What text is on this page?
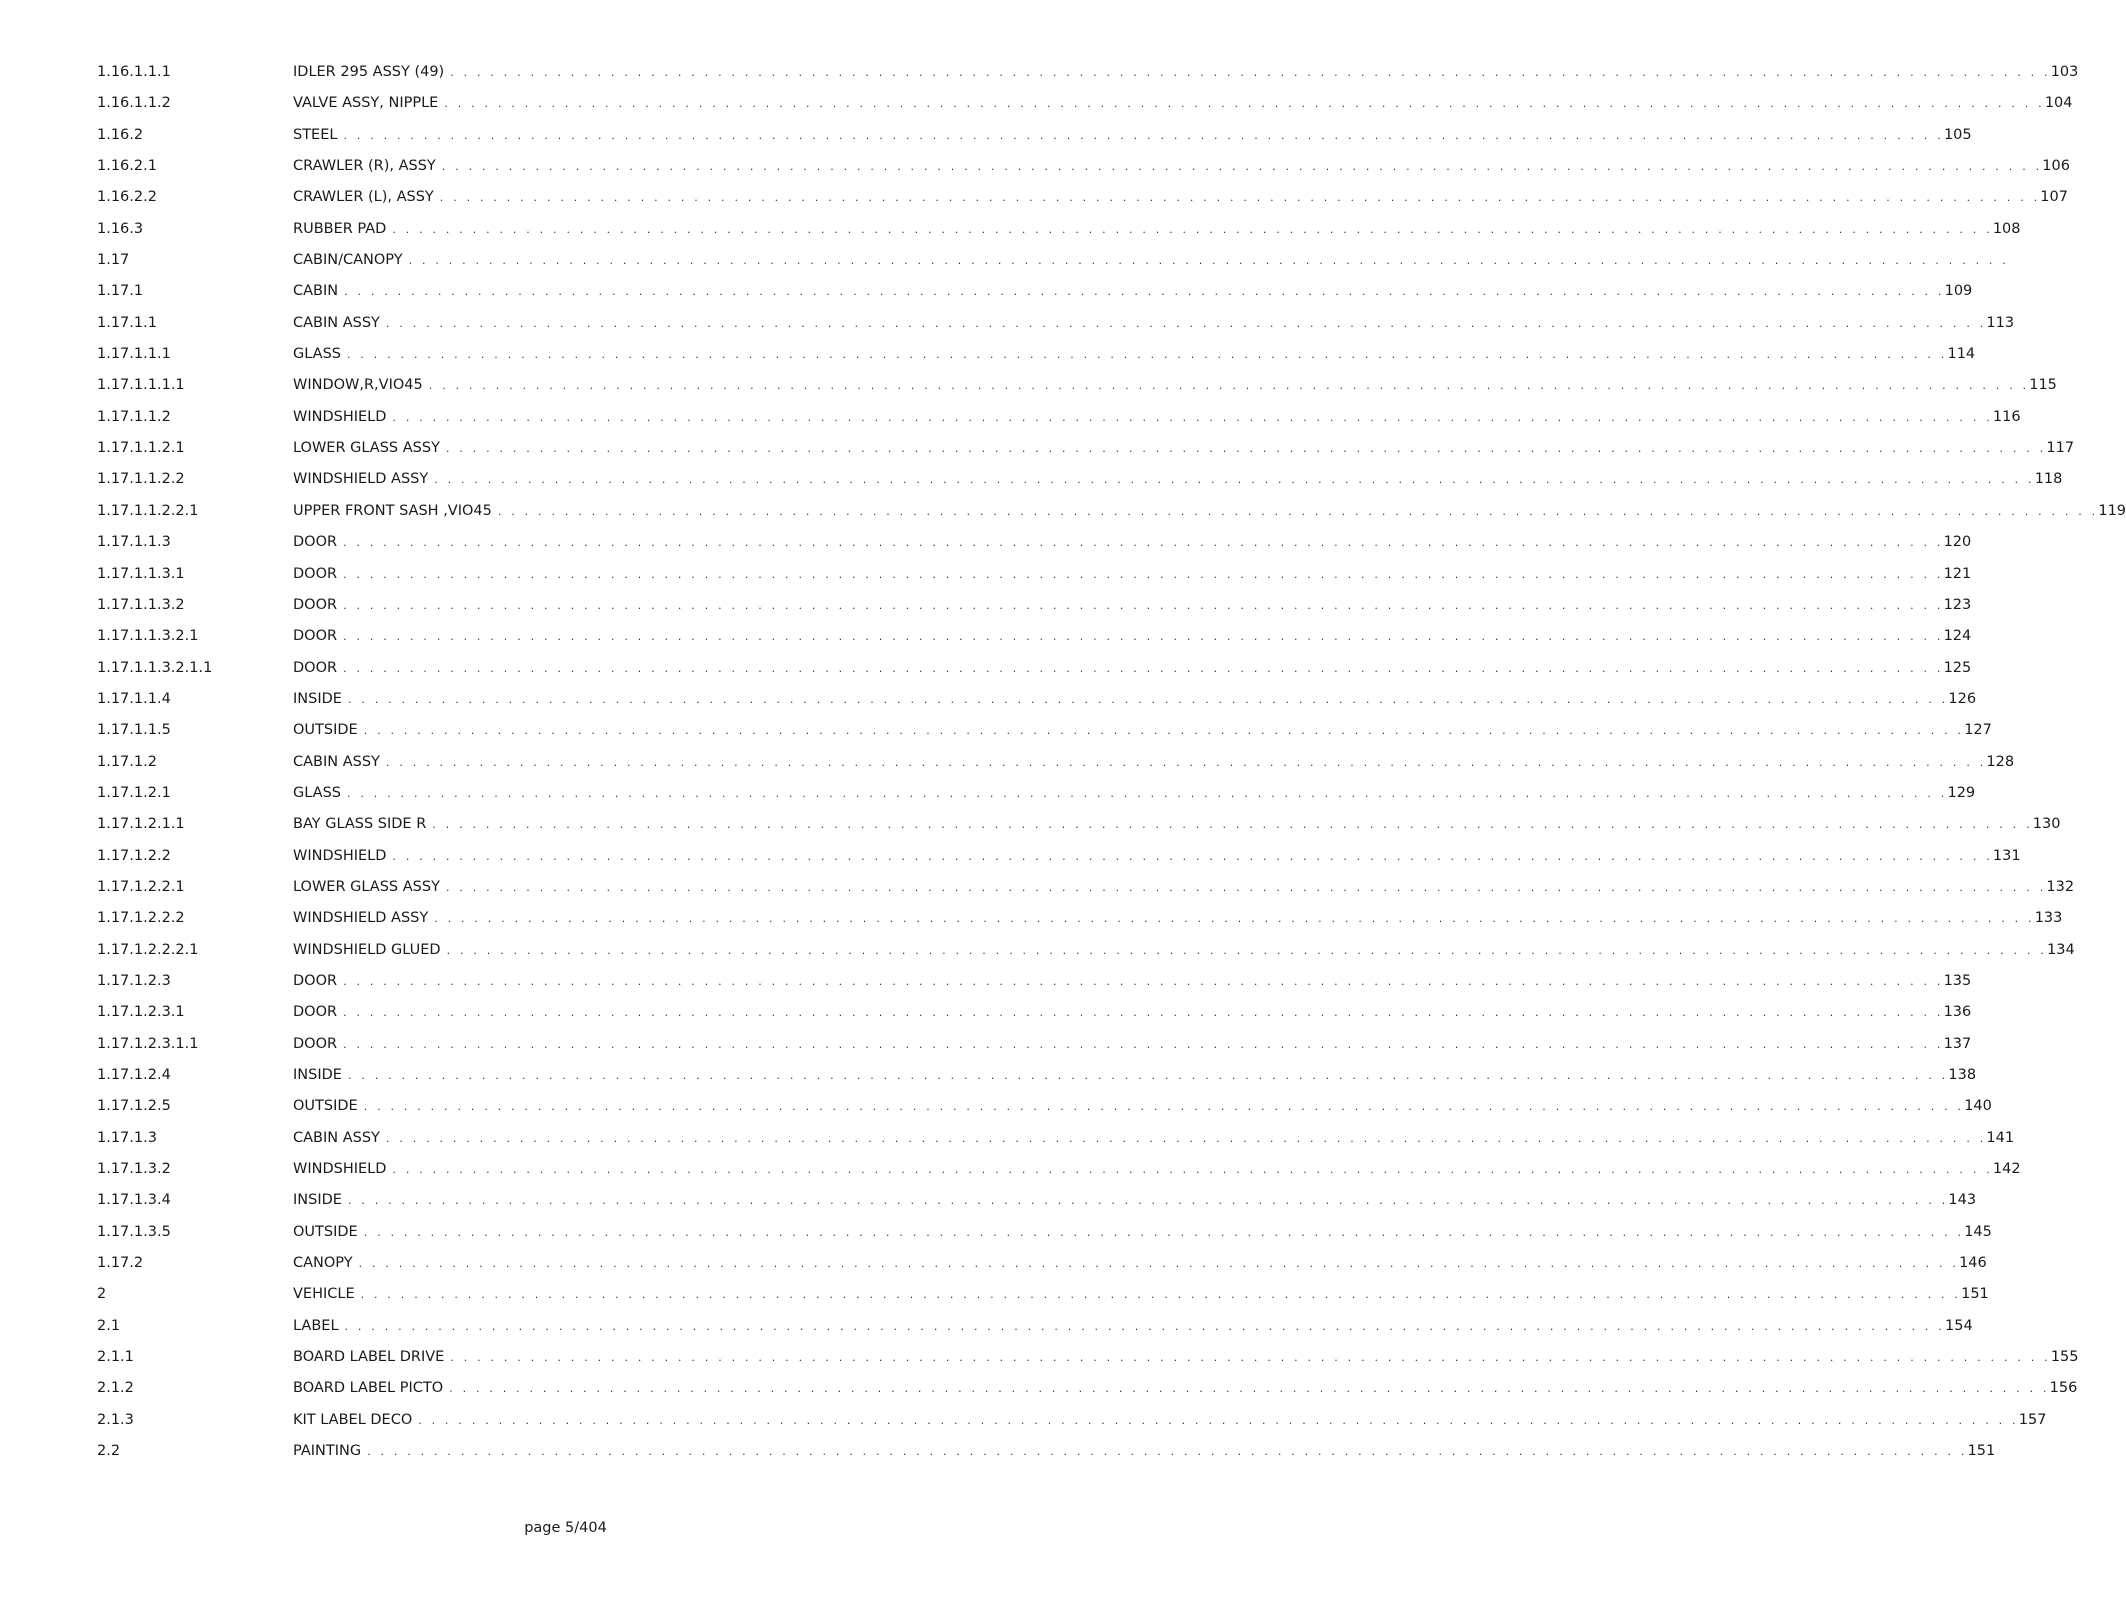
1.16.1.1.1	IDLER 295 ASSY (49) . . . . . . . . . . . . . . . . . . . . . . . . . . . . . . . . . . . . . . . . . . . . . . . . . . . . . . . . . . . . . . . . . . . . . . . . . . . . . . . . . . . . . . . . . . . . . . . . . . . . . . . . . . . . . . . . . . . . . . . . 103
1.16.1.1.2	VALVE ASSY, NIPPLE . . . . . . . . . . . . . . . . . . . . . . . . . . . . . . . . . . . . . . . . . . . . . . . . . . . . . . . . . . . . . . . . . . . . . . . . . . . . . . . . . . . . . . . . . . . . . . . . . . . . . . . . . . . . . . . . . . . . . . . . 104
1.16.2	STEEL . . . . . . . . . . . . . . . . . . . . . . . . . . . . . . . . . . . . . . . . . . . . . . . . . . . . . . . . . . . . . . . . . . . . . . . . . . . . . . . . . . . . . . . . . . . . . . . . . . . . . . . . . . . . . . . . . . . . . . . . 105
1.16.2.1	CRAWLER (R), ASSY . . . . . . . . . . . . . . . . . . . . . . . . . . . . . . . . . . . . . . . . . . . . . . . . . . . . . . . . . . . . . . . . . . . . . . . . . . . . . . . . . . . . . . . . . . . . . . . . . . . . . . . . . . . . . . . . . . . . . . . . 106
1.16.2.2	CRAWLER (L), ASSY . . . . . . . . . . . . . . . . . . . . . . . . . . . . . . . . . . . . . . . . . . . . . . . . . . . . . . . . . . . . . . . . . . . . . . . . . . . . . . . . . . . . . . . . . . . . . . . . . . . . . . . . . . . . . . . . . . . . . . . . 107
1.16.3	RUBBER PAD . . . . . . . . . . . . . . . . . . . . . . . . . . . . . . . . . . . . . . . . . . . . . . . . . . . . . . . . . . . . . . . . . . . . . . . . . . . . . . . . . . . . . . . . . . . . . . . . . . . . . . . . . . . . . . . . . . . . . . . . 108
1.17	CABIN/CANOPY . . . . . . . . . . . . . . . . . . . . . . . . . . . . . . . . . . . . . . . . . . . . . . . . . . . . . . . . . . . . . . . . . . . . . . . . . . . . . . . . . . . . . . . . . . . . . . . . . . . . . . . . . . . . . . . . . . . . . . . .
1.17.1	CABIN . . . . . . . . . . . . . . . . . . . . . . . . . . . . . . . . . . . . . . . . . . . . . . . . . . . . . . . . . . . . . . . . . . . . . . . . . . . . . . . . . . . . . . . . . . . . . . . . . . . . . . . . . . . . . . . . . . . . . . . . 109
1.17.1.1	CABIN ASSY . . . . . . . . . . . . . . . . . . . . . . . . . . . . . . . . . . . . . . . . . . . . . . . . . . . . . . . . . . . . . . . . . . . . . . . . . . . . . . . . . . . . . . . . . . . . . . . . . . . . . . . . . . . . . . . . . . . . . . . . 113
1.17.1.1.1	GLASS . . . . . . . . . . . . . . . . . . . . . . . . . . . . . . . . . . . . . . . . . . . . . . . . . . . . . . . . . . . . . . . . . . . . . . . . . . . . . . . . . . . . . . . . . . . . . . . . . . . . . . . . . . . . . . . . . . . . . . . . 114
1.17.1.1.1.1	WINDOW,R,VIO45 . . . . . . . . . . . . . . . . . . . . . . . . . . . . . . . . . . . . . . . . . . . . . . . . . . . . . . . . . . . . . . . . . . . . . . . . . . . . . . . . . . . . . . . . . . . . . . . . . . . . . . . . . . . . . . . . . . . . . . . . 115
1.17.1.1.2	WINDSHIELD . . . . . . . . . . . . . . . . . . . . . . . . . . . . . . . . . . . . . . . . . . . . . . . . . . . . . . . . . . . . . . . . . . . . . . . . . . . . . . . . . . . . . . . . . . . . . . . . . . . . . . . . . . . . . . . . . . . . . . . . 116
1.17.1.1.2.1	LOWER GLASS ASSY . . . . . . . . . . . . . . . . . . . . . . . . . . . . . . . . . . . . . . . . . . . . . . . . . . . . . . . . . . . . . . . . . . . . . . . . . . . . . . . . . . . . . . . . . . . . . . . . . . . . . . . . . . . . . . . . . . . . . . . . 117
1.17.1.1.2.2	WINDSHIELD ASSY . . . . . . . . . . . . . . . . . . . . . . . . . . . . . . . . . . . . . . . . . . . . . . . . . . . . . . . . . . . . . . . . . . . . . . . . . . . . . . . . . . . . . . . . . . . . . . . . . . . . . . . . . . . . . . . . . . . . . . . . 118
1.17.1.1.2.2.1	UPPER FRONT SASH ,VIO45 . . . . . . . . . . . . . . . . . . . . . . . . . . . . . . . . . . . . . . . . . . . . . . . . . . . . . . . . . . . . . . . . . . . . . . . . . . . . . . . . . . . . . . . . . . . . . . . . . . . . . . . . . . . . . . . . . . . . . . . . 119
1.17.1.1.3	DOOR . . . . . . . . . . . . . . . . . . . . . . . . . . . . . . . . . . . . . . . . . . . . . . . . . . . . . . . . . . . . . . . . . . . . . . . . . . . . . . . . . . . . . . . . . . . . . . . . . . . . . . . . . . . . . . . . . . . . . . . . 120
1.17.1.1.3.1	DOOR . . . . . . . . . . . . . . . . . . . . . . . . . . . . . . . . . . . . . . . . . . . . . . . . . . . . . . . . . . . . . . . . . . . . . . . . . . . . . . . . . . . . . . . . . . . . . . . . . . . . . . . . . . . . . . . . . . . . . . . . 121
1.17.1.1.3.2	DOOR . . . . . . . . . . . . . . . . . . . . . . . . . . . . . . . . . . . . . . . . . . . . . . . . . . . . . . . . . . . . . . . . . . . . . . . . . . . . . . . . . . . . . . . . . . . . . . . . . . . . . . . . . . . . . . . . . . . . . . . . 123
1.17.1.1.3.2.1	DOOR . . . . . . . . . . . . . . . . . . . . . . . . . . . . . . . . . . . . . . . . . . . . . . . . . . . . . . . . . . . . . . . . . . . . . . . . . . . . . . . . . . . . . . . . . . . . . . . . . . . . . . . . . . . . . . . . . . . . . . . . 124
1.17.1.1.3.2.1.1	DOOR . . . . . . . . . . . . . . . . . . . . . . . . . . . . . . . . . . . . . . . . . . . . . . . . . . . . . . . . . . . . . . . . . . . . . . . . . . . . . . . . . . . . . . . . . . . . . . . . . . . . . . . . . . . . . . . . . . . . . . . . 125
1.17.1.1.4	INSIDE . . . . . . . . . . . . . . . . . . . . . . . . . . . . . . . . . . . . . . . . . . . . . . . . . . . . . . . . . . . . . . . . . . . . . . . . . . . . . . . . . . . . . . . . . . . . . . . . . . . . . . . . . . . . . . . . . . . . . . . . 126
1.17.1.1.5	OUTSIDE . . . . . . . . . . . . . . . . . . . . . . . . . . . . . . . . . . . . . . . . . . . . . . . . . . . . . . . . . . . . . . . . . . . . . . . . . . . . . . . . . . . . . . . . . . . . . . . . . . . . . . . . . . . . . . . . . . . . . . . . 127
1.17.1.2	CABIN ASSY . . . . . . . . . . . . . . . . . . . . . . . . . . . . . . . . . . . . . . . . . . . . . . . . . . . . . . . . . . . . . . . . . . . . . . . . . . . . . . . . . . . . . . . . . . . . . . . . . . . . . . . . . . . . . . . . . . . . . . . . 128
1.17.1.2.1	GLASS . . . . . . . . . . . . . . . . . . . . . . . . . . . . . . . . . . . . . . . . . . . . . . . . . . . . . . . . . . . . . . . . . . . . . . . . . . . . . . . . . . . . . . . . . . . . . . . . . . . . . . . . . . . . . . . . . . . . . . . . 129
1.17.1.2.1.1	BAY GLASS SIDE R . . . . . . . . . . . . . . . . . . . . . . . . . . . . . . . . . . . . . . . . . . . . . . . . . . . . . . . . . . . . . . . . . . . . . . . . . . . . . . . . . . . . . . . . . . . . . . . . . . . . . . . . . . . . . . . . . . . . . . . . 130
1.17.1.2.2	WINDSHIELD . . . . . . . . . . . . . . . . . . . . . . . . . . . . . . . . . . . . . . . . . . . . . . . . . . . . . . . . . . . . . . . . . . . . . . . . . . . . . . . . . . . . . . . . . . . . . . . . . . . . . . . . . . . . . . . . . . . . . . . . 131
1.17.1.2.2.1	LOWER GLASS ASSY . . . . . . . . . . . . . . . . . . . . . . . . . . . . . . . . . . . . . . . . . . . . . . . . . . . . . . . . . . . . . . . . . . . . . . . . . . . . . . . . . . . . . . . . . . . . . . . . . . . . . . . . . . . . . . . . . . . . . . . . 132
1.17.1.2.2.2	WINDSHIELD ASSY . . . . . . . . . . . . . . . . . . . . . . . . . . . . . . . . . . . . . . . . . . . . . . . . . . . . . . . . . . . . . . . . . . . . . . . . . . . . . . . . . . . . . . . . . . . . . . . . . . . . . . . . . . . . . . . . . . . . . . . . 133
1.17.1.2.2.2.1	WINDSHIELD GLUED . . . . . . . . . . . . . . . . . . . . . . . . . . . . . . . . . . . . . . . . . . . . . . . . . . . . . . . . . . . . . . . . . . . . . . . . . . . . . . . . . . . . . . . . . . . . . . . . . . . . . . . . . . . . . . . . . . . . . . . . 134
1.17.1.2.3	DOOR . . . . . . . . . . . . . . . . . . . . . . . . . . . . . . . . . . . . . . . . . . . . . . . . . . . . . . . . . . . . . . . . . . . . . . . . . . . . . . . . . . . . . . . . . . . . . . . . . . . . . . . . . . . . . . . . . . . . . . . . 135
1.17.1.2.3.1	DOOR . . . . . . . . . . . . . . . . . . . . . . . . . . . . . . . . . . . . . . . . . . . . . . . . . . . . . . . . . . . . . . . . . . . . . . . . . . . . . . . . . . . . . . . . . . . . . . . . . . . . . . . . . . . . . . . . . . . . . . . . 136
1.17.1.2.3.1.1	DOOR . . . . . . . . . . . . . . . . . . . . . . . . . . . . . . . . . . . . . . . . . . . . . . . . . . . . . . . . . . . . . . . . . . . . . . . . . . . . . . . . . . . . . . . . . . . . . . . . . . . . . . . . . . . . . . . . . . . . . . . . 137
1.17.1.2.4	INSIDE . . . . . . . . . . . . . . . . . . . . . . . . . . . . . . . . . . . . . . . . . . . . . . . . . . . . . . . . . . . . . . . . . . . . . . . . . . . . . . . . . . . . . . . . . . . . . . . . . . . . . . . . . . . . . . . . . . . . . . . . 138
1.17.1.2.5	OUTSIDE . . . . . . . . . . . . . . . . . . . . . . . . . . . . . . . . . . . . . . . . . . . . . . . . . . . . . . . . . . . . . . . . . . . . . . . . . . . . . . . . . . . . . . . . . . . . . . . . . . . . . . . . . . . . . . . . . . . . . . . . 140
1.17.1.3	CABIN ASSY . . . . . . . . . . . . . . . . . . . . . . . . . . . . . . . . . . . . . . . . . . . . . . . . . . . . . . . . . . . . . . . . . . . . . . . . . . . . . . . . . . . . . . . . . . . . . . . . . . . . . . . . . . . . . . . . . . . . . . . . 141
1.17.1.3.2	WINDSHIELD . . . . . . . . . . . . . . . . . . . . . . . . . . . . . . . . . . . . . . . . . . . . . . . . . . . . . . . . . . . . . . . . . . . . . . . . . . . . . . . . . . . . . . . . . . . . . . . . . . . . . . . . . . . . . . . . . . . . . . . . 142
1.17.1.3.4	INSIDE . . . . . . . . . . . . . . . . . . . . . . . . . . . . . . . . . . . . . . . . . . . . . . . . . . . . . . . . . . . . . . . . . . . . . . . . . . . . . . . . . . . . . . . . . . . . . . . . . . . . . . . . . . . . . . . . . . . . . . . . 143
1.17.1.3.5	OUTSIDE . . . . . . . . . . . . . . . . . . . . . . . . . . . . . . . . . . . . . . . . . . . . . . . . . . . . . . . . . . . . . . . . . . . . . . . . . . . . . . . . . . . . . . . . . . . . . . . . . . . . . . . . . . . . . . . . . . . . . . . . 145
1.17.2	CANOPY . . . . . . . . . . . . . . . . . . . . . . . . . . . . . . . . . . . . . . . . . . . . . . . . . . . . . . . . . . . . . . . . . . . . . . . . . . . . . . . . . . . . . . . . . . . . . . . . . . . . . . . . . . . . . . . . . . . . . . . . 146
2	VEHICLE . . . . . . . . . . . . . . . . . . . . . . . . . . . . . . . . . . . . . . . . . . . . . . . . . . . . . . . . . . . . . . . . . . . . . . . . . . . . . . . . . . . . . . . . . . . . . . . . . . . . . . . . . . . . . . . . . . . . . . . . 151
2.1	LABEL . . . . . . . . . . . . . . . . . . . . . . . . . . . . . . . . . . . . . . . . . . . . . . . . . . . . . . . . . . . . . . . . . . . . . . . . . . . . . . . . . . . . . . . . . . . . . . . . . . . . . . . . . . . . . . . . . . . . . . . . 154
2.1.1	BOARD LABEL DRIVE . . . . . . . . . . . . . . . . . . . . . . . . . . . . . . . . . . . . . . . . . . . . . . . . . . . . . . . . . . . . . . . . . . . . . . . . . . . . . . . . . . . . . . . . . . . . . . . . . . . . . . . . . . . . . . . . . . . . . . . . 155
2.1.2	BOARD LABEL PICTO . . . . . . . . . . . . . . . . . . . . . . . . . . . . . . . . . . . . . . . . . . . . . . . . . . . . . . . . . . . . . . . . . . . . . . . . . . . . . . . . . . . . . . . . . . . . . . . . . . . . . . . . . . . . . . . . . . . . . . . . 156
2.1.3	KIT LABEL DECO . . . . . . . . . . . . . . . . . . . . . . . . . . . . . . . . . . . . . . . . . . . . . . . . . . . . . . . . . . . . . . . . . . . . . . . . . . . . . . . . . . . . . . . . . . . . . . . . . . . . . . . . . . . . . . . . . . . . . . . . 157
2.2	PAINTING . . . . . . . . . . . . . . . . . . . . . . . . . . . . . . . . . . . . . . . . . . . . . . . . . . . . . . . . . . . . . . . . . . . . . . . . . . . . . . . . . . . . . . . . . . . . . . . . . . . . . . . . . . . . . . . . . . . . . . . . 151
page 5/404
